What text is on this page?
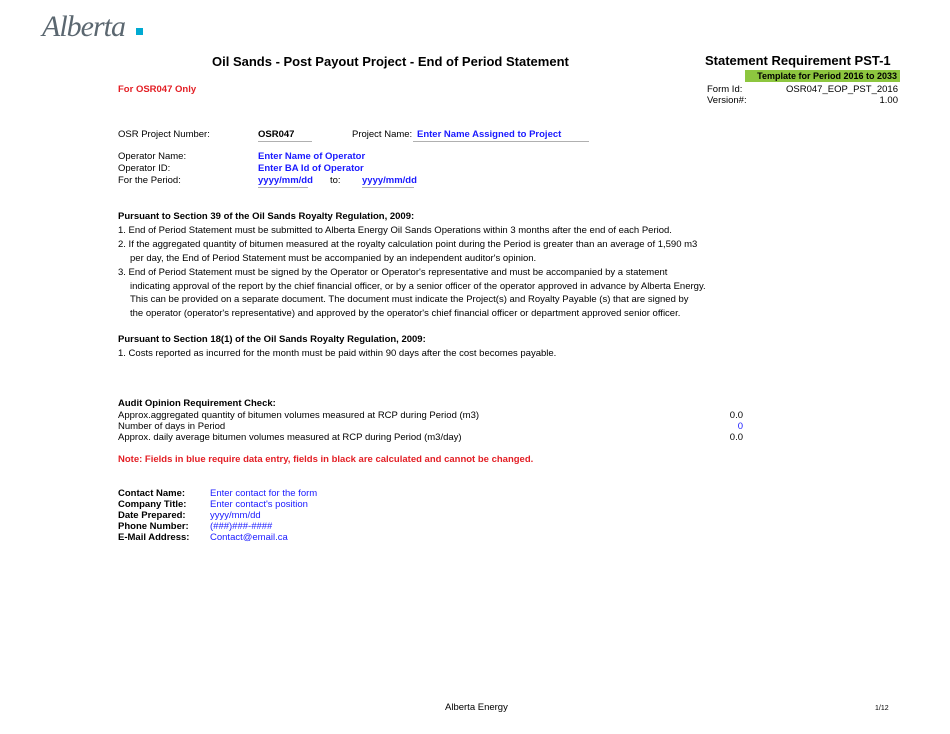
Alberta
Oil Sands - Post Payout Project - End of Period Statement	Statement Requirement PST-1
Template for Period 2016 to 2033
For OSR047 Only	Form Id:	OSR047_EOP_PST_2016
Version#:	1.00
OSR Project Number:	OSR047	Project Name: Enter Name Assigned to Project
Operator Name:	Enter Name of Operator
Operator ID:	Enter BA Id of Operator
For the Period:	yyyy/mm/dd to: yyyy/mm/dd
Pursuant to Section 39 of the Oil Sands Royalty Regulation, 2009:
1. End of Period Statement must be submitted to Alberta Energy Oil Sands Operations within 3 months after the end of each Period.
2. If the aggregated quantity of bitumen measured at the royalty calculation point during the Period is greater than an average of 1,590 m3
per day, the End of Period Statement must be accompanied by an independent auditor's opinion.
3. End of Period Statement must be signed by the Operator or Operator's representative and must be accompanied by a statement
indicating approval of the report by the chief financial officer, or by a senior officer of the operator approved in advance by Alberta Energy.
This can be provided on a separate document. The document must indicate the Project(s) and Royalty Payable (s) that are signed by
the operator (operator's representative) and approved by the operator's chief financial officer or department approved senior officer.
Pursuant to Section 18(1) of the Oil Sands Royalty Regulation, 2009:
1. Costs reported as incurred for the month must be paid within 90 days after the cost becomes payable.
Audit Opinion Requirement Check:
Approx.aggregated quantity of bitumen volumes measured at RCP during Period (m3)	0.0
Number of days in Period	0
Approx. daily average bitumen volumes measured at RCP during Period (m3/day)	0.0
Note: Fields in blue require data entry, fields in black are calculated and cannot be changed.
Contact Name:	Enter contact for the form
Company Title: Enter contact's position
Date Prepared:	yyyy/mm/dd
Phone Number: (###)###-####
E-Mail Address: Contact@email.ca
Alberta Energy	1/12
